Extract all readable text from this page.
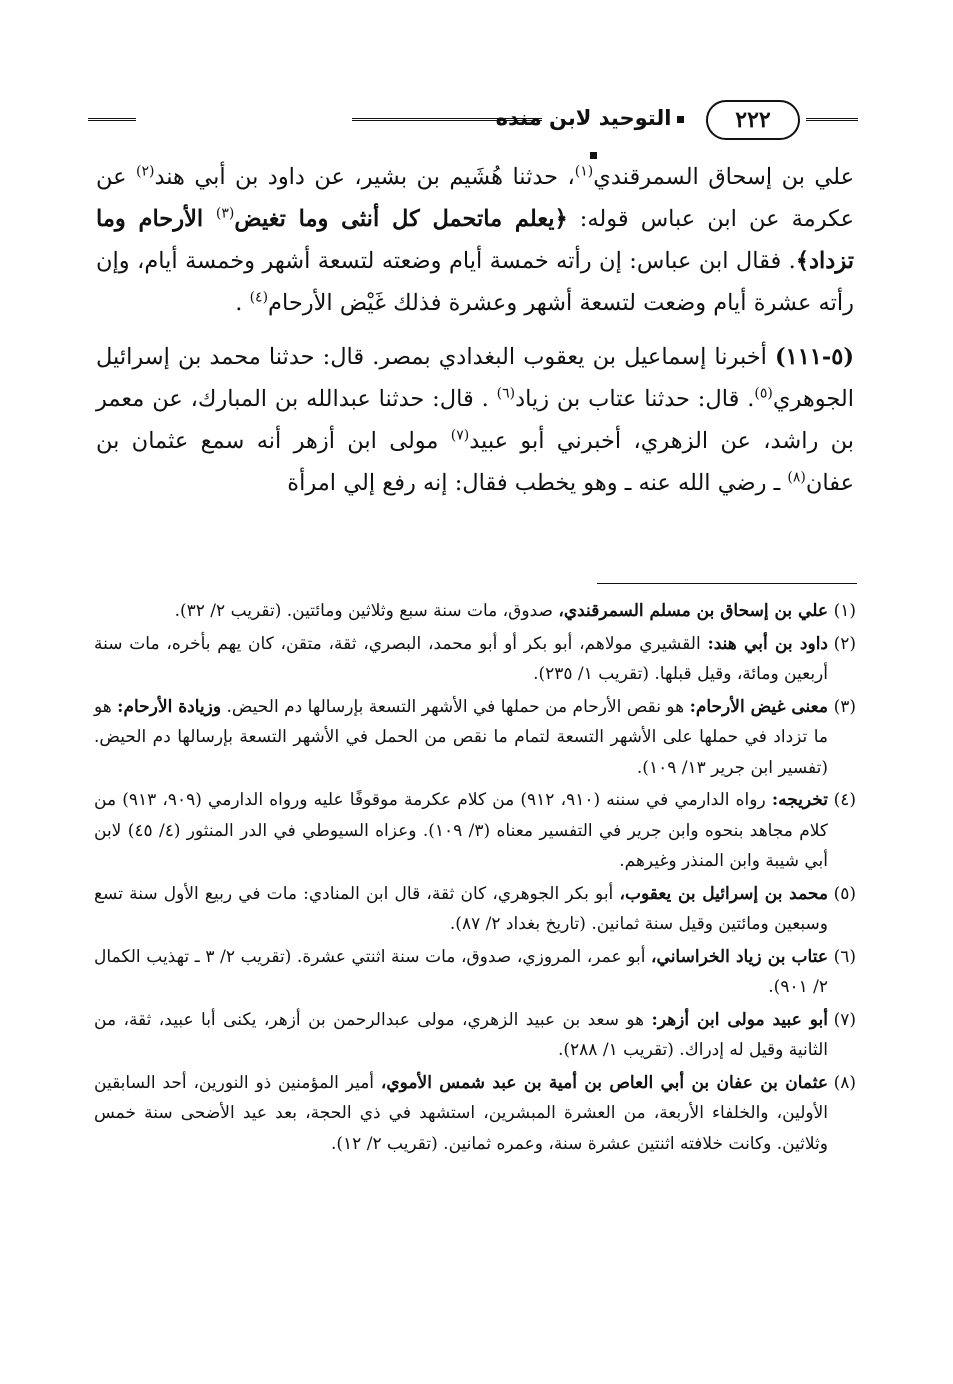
٢٢٢
التوحيد لابن منده

علي بن إسحاق السمرقندي$^{(١)}$، حدثنا هُشَيم بن بشير، عن داود بن أبي هند$^{(٢)}$ عن عكرمة عن ابن عباس قوله: ﴿يعلم ماتحمل كل أنثى وما تغيض$^{(٣)}$ الأرحام وما تزداد﴾. فقال ابن عباس: إن رأته خمسة أيام وضعته لتسعة أشهر وخمسة أيام، وإن رأته عشرة أيام وضعت لتسعة أشهر وعشرة فذلك غَيْض الأرحام$^{(٤)}$ .

(٥-١١١) أخبرنا إسماعيل بن يعقوب البغدادي بمصر. قال: حدثنا محمد بن إسرائيل الجوهري$^{(٥)}$. قال: حدثنا عتاب بن زياد$^{(٦)}$ . قال: حدثنا عبدالله بن المبارك، عن معمر بن راشد، عن الزهري، أخبرني أبو عبيد$^{(٧)}$ مولى ابن أزهر أنه سمع عثمان بن عفان$^{(٨)}$ ـ رضي الله عنه ـ وهو يخطب فقال: إنه رفع إلي امرأة

(١)
علي بن إسحاق بن مسلم السمرقندي، صدوق، مات سنة سبع وثلاثين ومائتين. (تقريب ٢/ ٣٢).
(٢)
داود بن أبي هند: القشيري مولاهم، أبو بكر أو أبو محمد، البصري، ثقة، متقن، كان يهم بأخره، مات سنة أربعين ومائة، وقيل قبلها. (تقريب ١/ ٢٣٥).
(٣)
معنى غيض الأرحام: هو نقص الأرحام من حملها في الأشهر التسعة بإرسالها دم الحيض. وزيادة الأرحام: هو ما تزداد في حملها على الأشهر التسعة لتمام ما نقص من الحمل في الأشهر التسعة بإرسالها دم الحيض. (تفسير ابن جرير ١٣/ ١٠٩).
(٤)
تخريجه: رواه الدارمي في سننه (٩١٠، ٩١٢) من كلام عكرمة موقوفًا عليه ورواه الدارمي (٩٠٩، ٩١٣) من كلام مجاهد بنحوه وابن جرير في التفسير معناه (٣/ ١٠٩). وعزاه السيوطي في الدر المنثور (٤/ ٤٥) لابن أبي شيبة وابن المنذر وغيرهم.
(٥)
محمد بن إسرائيل بن يعقوب، أبو بكر الجوهري، كان ثقة، قال ابن المنادي: مات في ربيع الأول سنة تسع وسبعين ومائتين وقيل سنة ثمانين. (تاريخ بغداد ٢/ ٨٧).
(٦)
عتاب بن زياد الخراساني، أبو عمر، المروزي، صدوق، مات سنة اثنتي عشرة. (تقريب ٢/ ٣ ـ تهذيب الكمال ٢/ ٩٠١).
(٧)
أبو عبيد مولى ابن أزهر: هو سعد بن عبيد الزهري، مولى عبدالرحمن بن أزهر، يكنى أبا عبيد، ثقة، من الثانية وقيل له إدراك. (تقريب ١/ ٢٨٨).
(٨)
عثمان بن عفان بن أبي العاص بن أمية بن عبد شمس الأموي، أمير المؤمنين ذو النورين، أحد السابقين الأولين، والخلفاء الأربعة، من العشرة المبشرين، استشهد في ذي الحجة، بعد عيد الأضحى سنة خمس وثلاثين. وكانت خلافته اثنتين عشرة سنة، وعمره ثمانين. (تقريب ٢/ ١٢).
